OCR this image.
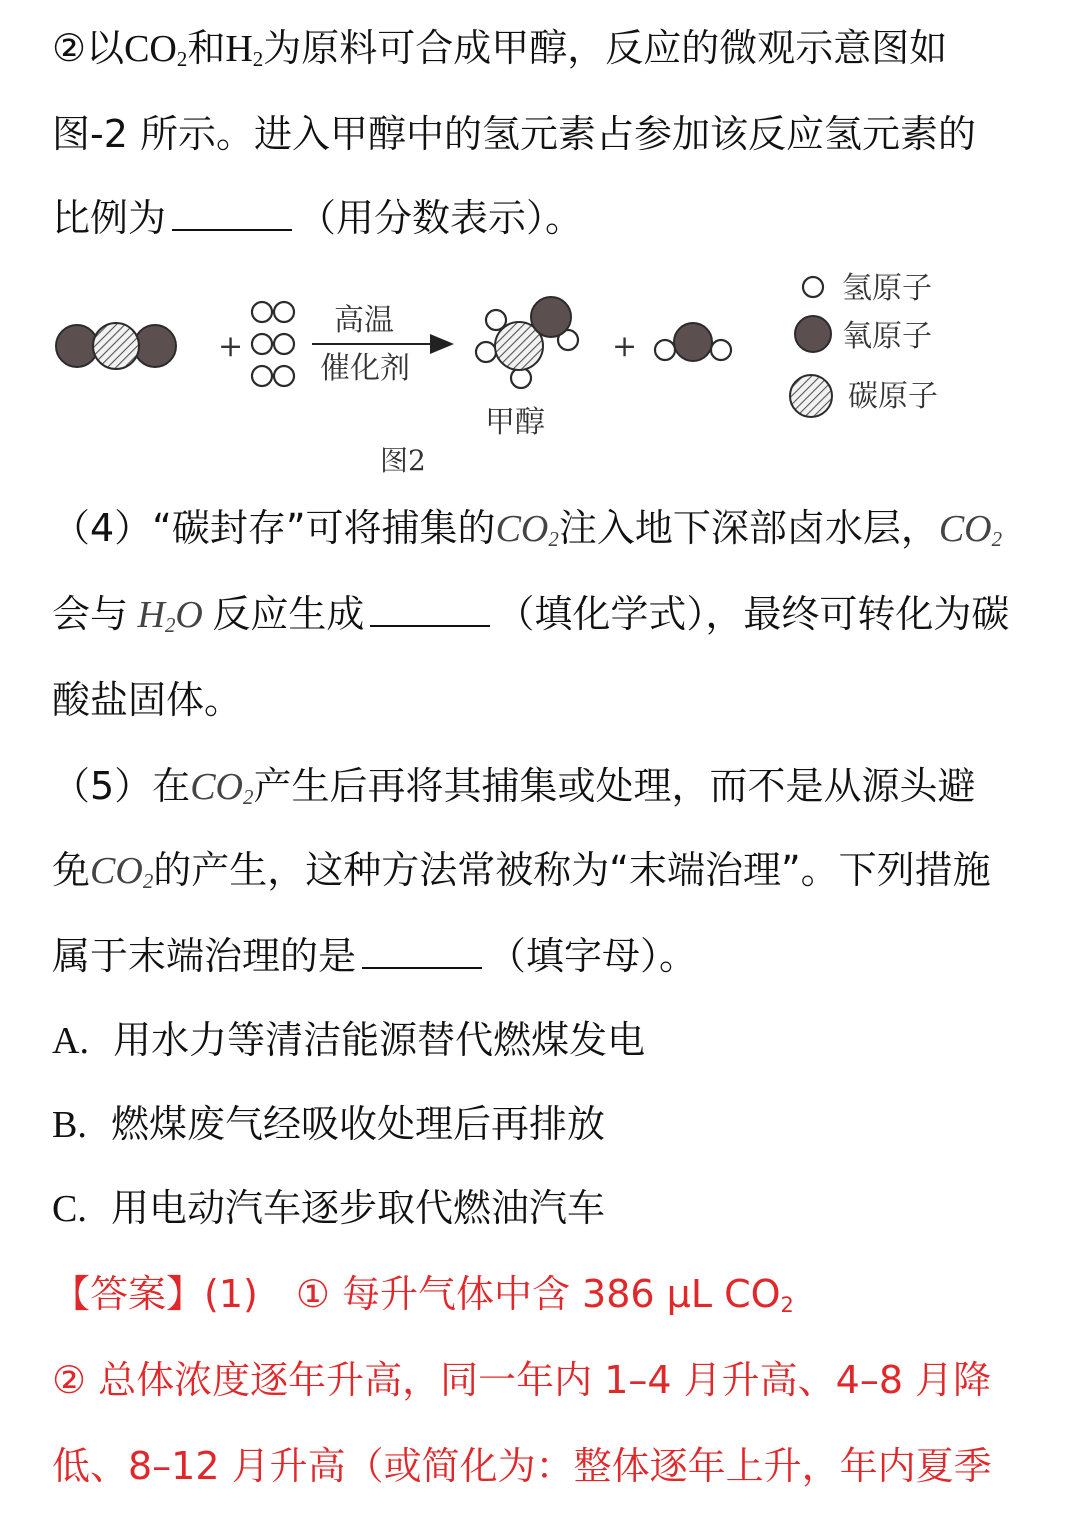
②以$CO_2$和$H_2$为原料可合成甲醇，反应的微观示意图如
图-2 所示。进入甲醇中的氢元素占参加该反应氢元素的
比例为	（用分数表示）。
+
高温
催化剂
甲醇
+
氢原子
氧原子
碳原子
图2
（4）“碳封存”可将捕集的$CO_2$注入地下深部卤水层，$CO_2$
会与 $H_2O$ 反应生成	（填化学式），最终可转化为碳
酸盐固体。
（5）在$CO_2$产生后再将其捕集或处理，而不是从源头避
免$CO_2$的产生，这种方法常被称为“末端治理”。下列措施
属于末端治理的是	（填字母）。
A. 用水力等清洁能源替代燃煤发电
B. 燃煤废气经吸收处理后再排放
C. 用电动汽车逐步取代燃油汽车
【答案】(1)　① 每升气体中含 386 μL $CO_2$
② 总体浓度逐年升高，同一年内 1–4 月升高、4–8 月降
低、8–12 月升高（或简化为：整体逐年上升，年内夏季
